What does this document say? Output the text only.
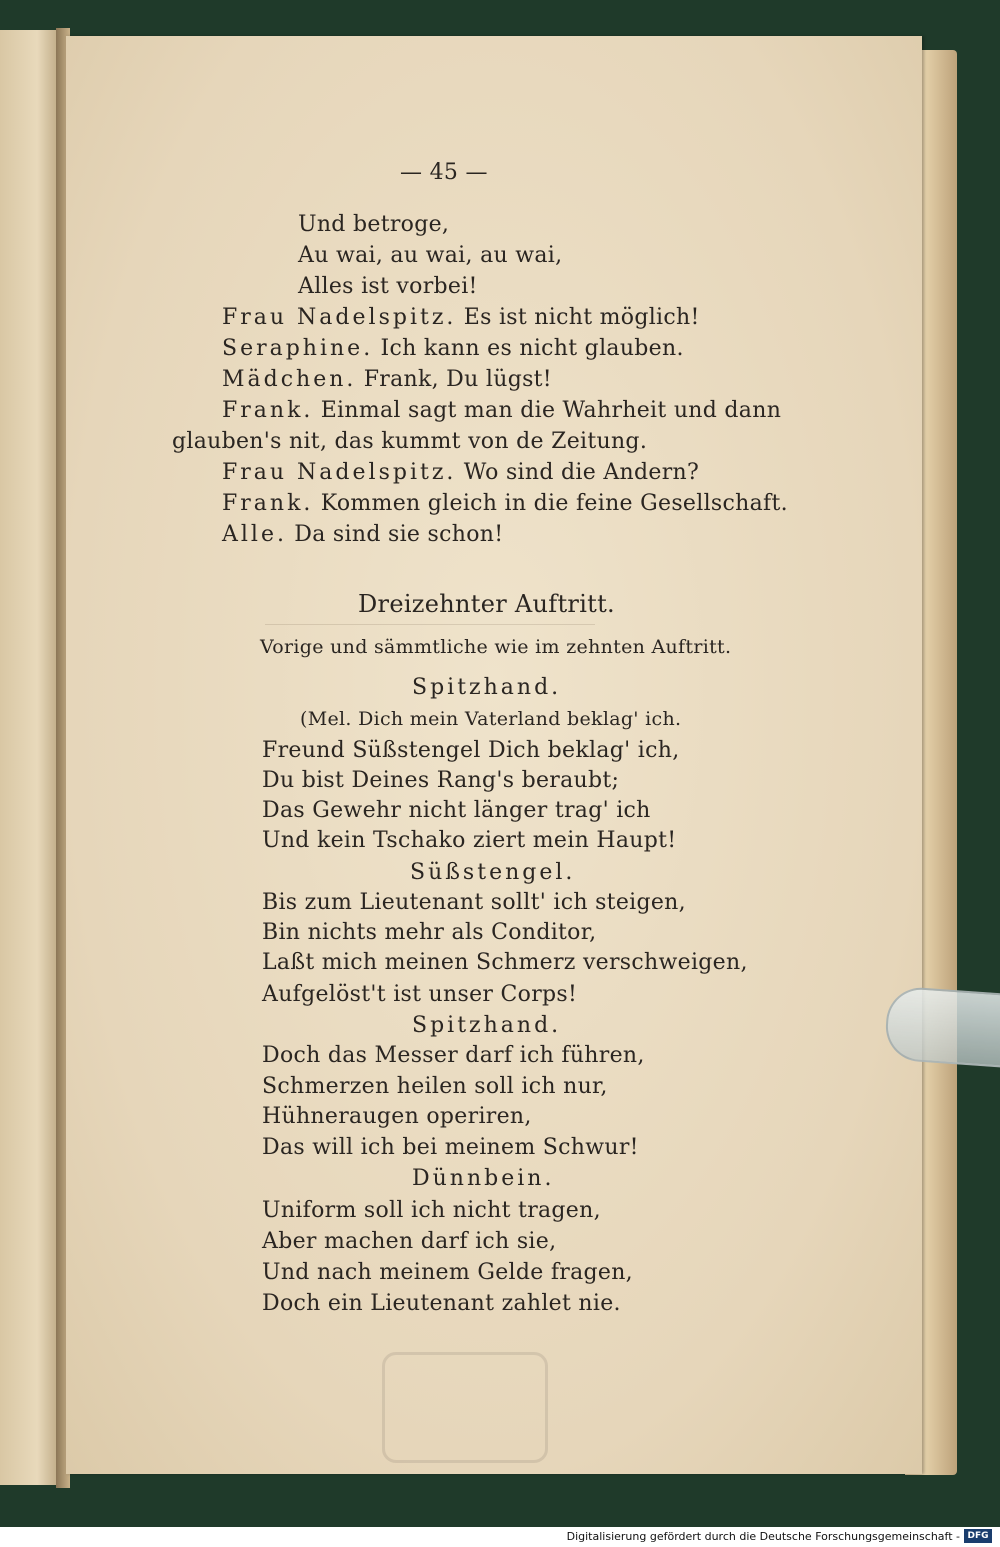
— 45 —
Und betroge,
Au wai, au wai, au wai,
Alles ist vorbei!
Frau Nadelspitz. Es ist nicht möglich!
Seraphine. Ich kann es nicht glauben.
Mädchen. Frank, Du lügst!
Frank. Einmal sagt man die Wahrheit und dann
glauben's nit, das kummt von de Zeitung.
Frau Nadelspitz. Wo sind die Andern?
Frank. Kommen gleich in die feine Gesellschaft.
Alle. Da sind sie schon!
Dreizehnter Auftritt.
Vorige und sämmtliche wie im zehnten Auftritt.
Spitzhand.
(Mel. Dich mein Vaterland beklag' ich.
Freund Süßstengel Dich beklag' ich,
Du bist Deines Rang's beraubt;
Das Gewehr nicht länger trag' ich
Und kein Tschako ziert mein Haupt!
Süßstengel.
Bis zum Lieutenant sollt' ich steigen,
Bin nichts mehr als Conditor,
Laßt mich meinen Schmerz verschweigen,
Aufgelöst't ist unser Corps!
Spitzhand.
Doch das Messer darf ich führen,
Schmerzen heilen soll ich nur,
Hühneraugen operiren,
Das will ich bei meinem Schwur!
Dünnbein.
Uniform soll ich nicht tragen,
Aber machen darf ich sie,
Und nach meinem Gelde fragen,
Doch ein Lieutenant zahlet nie.
Digitalisierung gefördert durch die Deutsche Forschungsgemeinschaft - DFG
